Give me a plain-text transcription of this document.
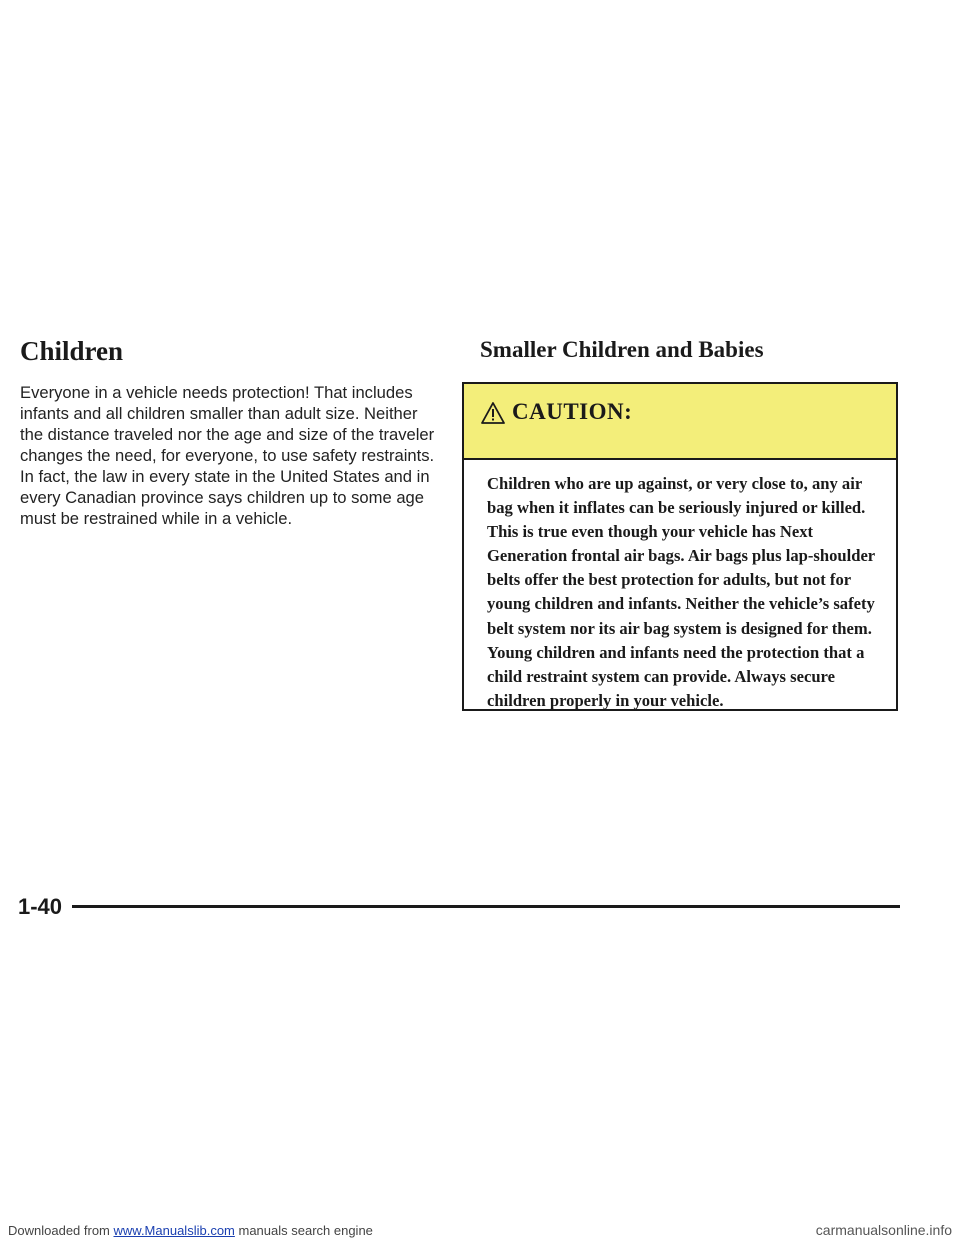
Children

Everyone in a vehicle needs protection! That includes infants and all children smaller than adult size. Neither the distance traveled nor the age and size of the traveler changes the need, for everyone, to use safety restraints. In fact, the law in every state in the United States and in every Canadian province says children up to some age must be restrained while in a vehicle.

Smaller Children and Babies
CAUTION:

Children who are up against, or very close to, any air bag when it inflates can be seriously injured or killed. This is true even though your vehicle has Next Generation frontal air bags. Air bags plus lap-shoulder belts offer the best protection for adults, but not for young children and infants. Neither the vehicle’s safety belt system nor its air bag system is designed for them. Young children and infants need the protection that a child restraint system can provide. Always secure children properly in your vehicle.

1-40
Downloaded from www.Manualslib.com manuals search engine	carmanualsonline.info
